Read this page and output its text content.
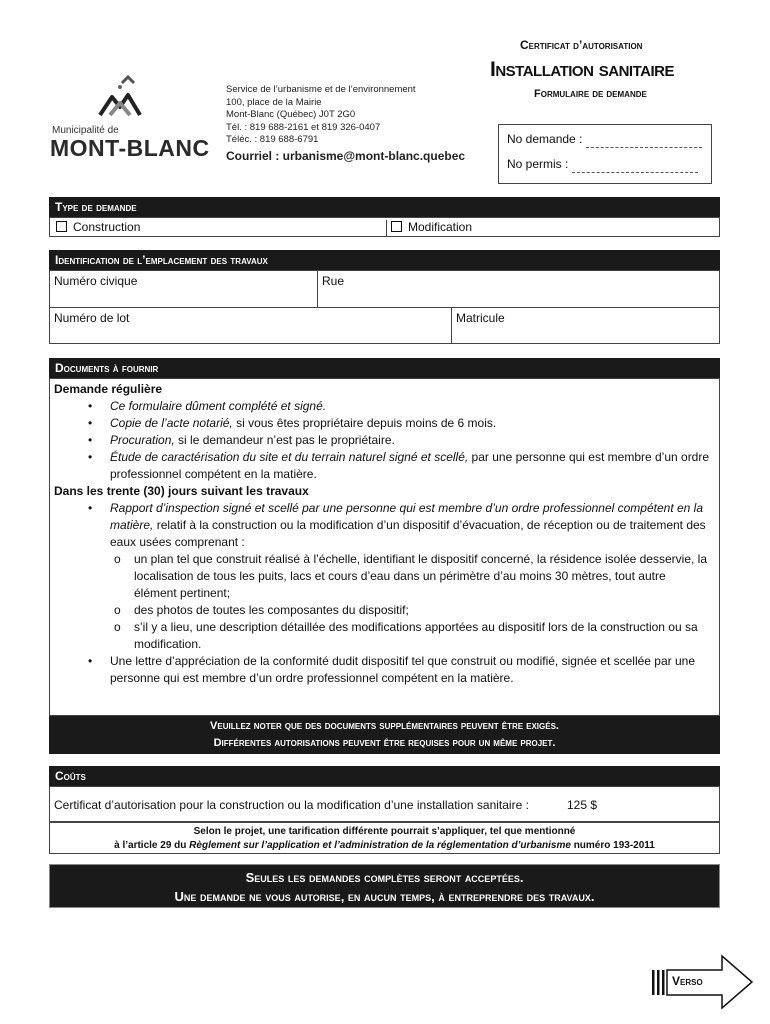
Certificat d’autorisation
Installation sanitaire
Formulaire de demande
Municipalité de
MONT-BLANC
Service de l’urbanisme et de l’environnement
100, place de la Mairie
Mont-Blanc (Québec) J0T 2G0
Tél. : 819 688-2161 et 819 326-0407
Téléc. : 819 688-6791
Courriel : urbanisme@mont-blanc.quebec
No demande :
No permis :
Type de demande
Construction	Modification
Identification de l’emplacement des travaux
Numéro civique	Rue
Numéro de lot	Matricule
Documents à fournir
Demande régulière
• Ce formulaire dûment complété et signé.
• Copie de l’acte notarié, si vous êtes propriétaire depuis moins de 6 mois.
• Procuration, si le demandeur n’est pas le propriétaire.
• Étude de caractérisation du site et du terrain naturel signé et scellé, par une personne qui est membre d’un ordre professionnel compétent en la matière.
Dans les trente (30) jours suivant les travaux
• Rapport d’inspection signé et scellé par une personne qui est membre d’un ordre professionnel compétent en la matière, relatif à la construction ou la modification d’un dispositif d’évacuation, de réception ou de traitement des eaux usées comprenant :
o un plan tel que construit réalisé à l’échelle, identifiant le dispositif concerné, la résidence isolée desservie, la localisation de tous les puits, lacs et cours d’eau dans un périmètre d’au moins 30 mètres, tout autre élément pertinent;
o des photos de toutes les composantes du dispositif;
o s’il y a lieu, une description détaillée des modifications apportées au dispositif lors de la construction ou sa modification.
• Une lettre d’appréciation de la conformité dudit dispositif tel que construit ou modifié, signée et scellée par une personne qui est membre d’un ordre professionnel compétent en la matière.
Veuillez noter que des documents supplémentaires peuvent être exigés.
Différentes autorisations peuvent être requises pour un même projet.
Coûts
Certificat d’autorisation pour la construction ou la modification d’une installation sanitaire :	125 $
Selon le projet, une tarification différente pourrait s’appliquer, tel que mentionné
à l’article 29 du Règlement sur l’application et l’administration de la réglementation d’urbanisme numéro 193-2011
Seules les demandes complètes seront acceptées.
Une demande ne vous autorise, en aucun temps, à entreprendre des travaux.
Verso
